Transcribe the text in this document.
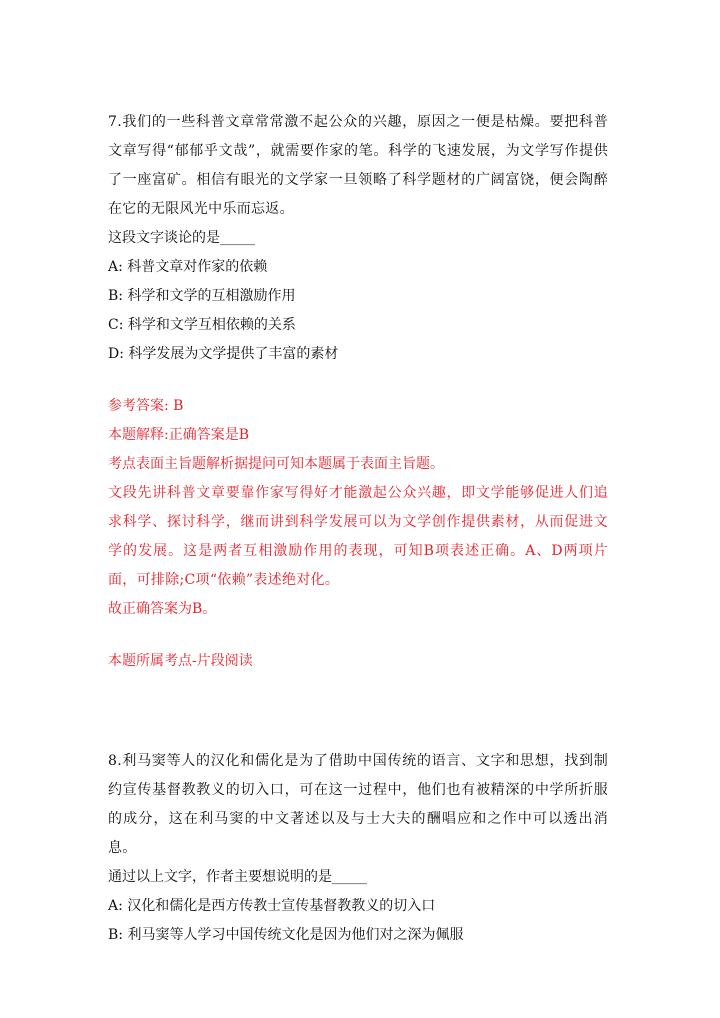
7.我们的一些科普文章常常激不起公众的兴趣，原因之一便是枯燥。要把科普文章写得“郁郁乎文哉”，就需要作家的笔。科学的飞速发展，为文学写作提供了一座富矿。相信有眼光的文学家一旦领略了科学题材的广阔富饶，便会陶醉在它的无限风光中乐而忘返。

这段文字谈论的是_____

A: 科普文章对作家的依赖

B: 科学和文学的互相激励作用

C: 科学和文学互相依赖的关系

D: 科学发展为文学提供了丰富的素材

参考答案: B

本题解释:正确答案是B

考点表面主旨题解析据提问可知本题属于表面主旨题。

文段先讲科普文章要靠作家写得好才能激起公众兴趣，即文学能够促进人们追求科学、探讨科学，继而讲到科学发展可以为文学创作提供素材，从而促进文学的发展。这是两者互相激励作用的表现，可知B项表述正确。A、D两项片面，可排除;C项“依赖”表述绝对化。

故正确答案为B。

本题所属考点-片段阅读

8.利马窦等人的汉化和儒化是为了借助中国传统的语言、文字和思想，找到制约宣传基督教教义的切入口，可在这一过程中，他们也有被精深的中学所折服的成分，这在利马窦的中文著述以及与士大夫的酬唱应和之作中可以透出消息。

通过以上文字，作者主要想说明的是_____

A: 汉化和儒化是西方传教士宣传基督教教义的切入口

B: 利马窦等人学习中国传统文化是因为他们对之深为佩服
